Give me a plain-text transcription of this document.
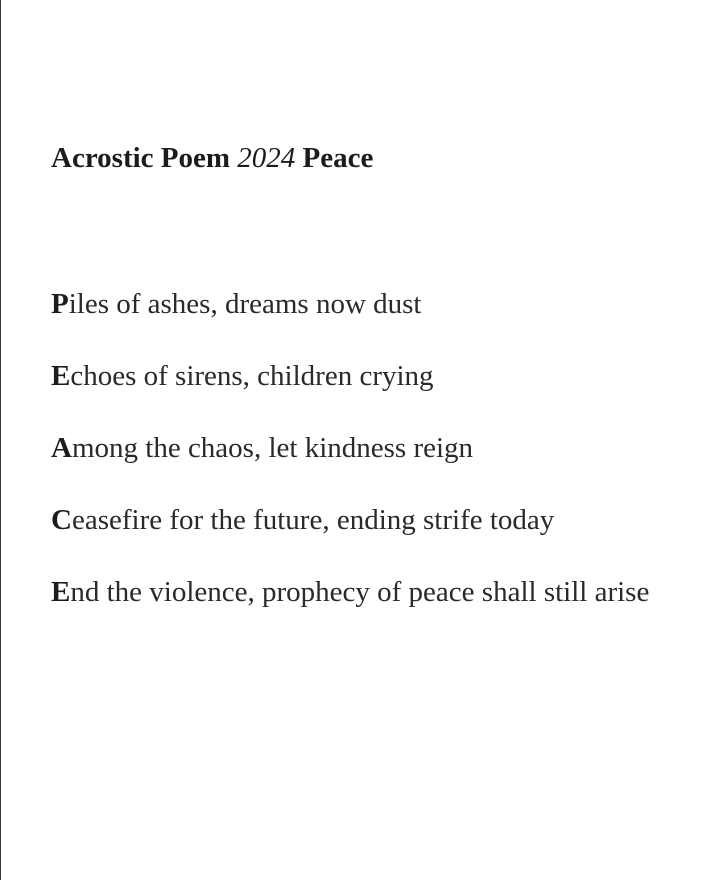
Acrostic Poem 2024 Peace
Piles of ashes, dreams now dust
Echoes of sirens, children crying
Among the chaos, let kindness reign
Ceasefire for the future, ending strife today
End the violence, prophecy of peace shall still arise
